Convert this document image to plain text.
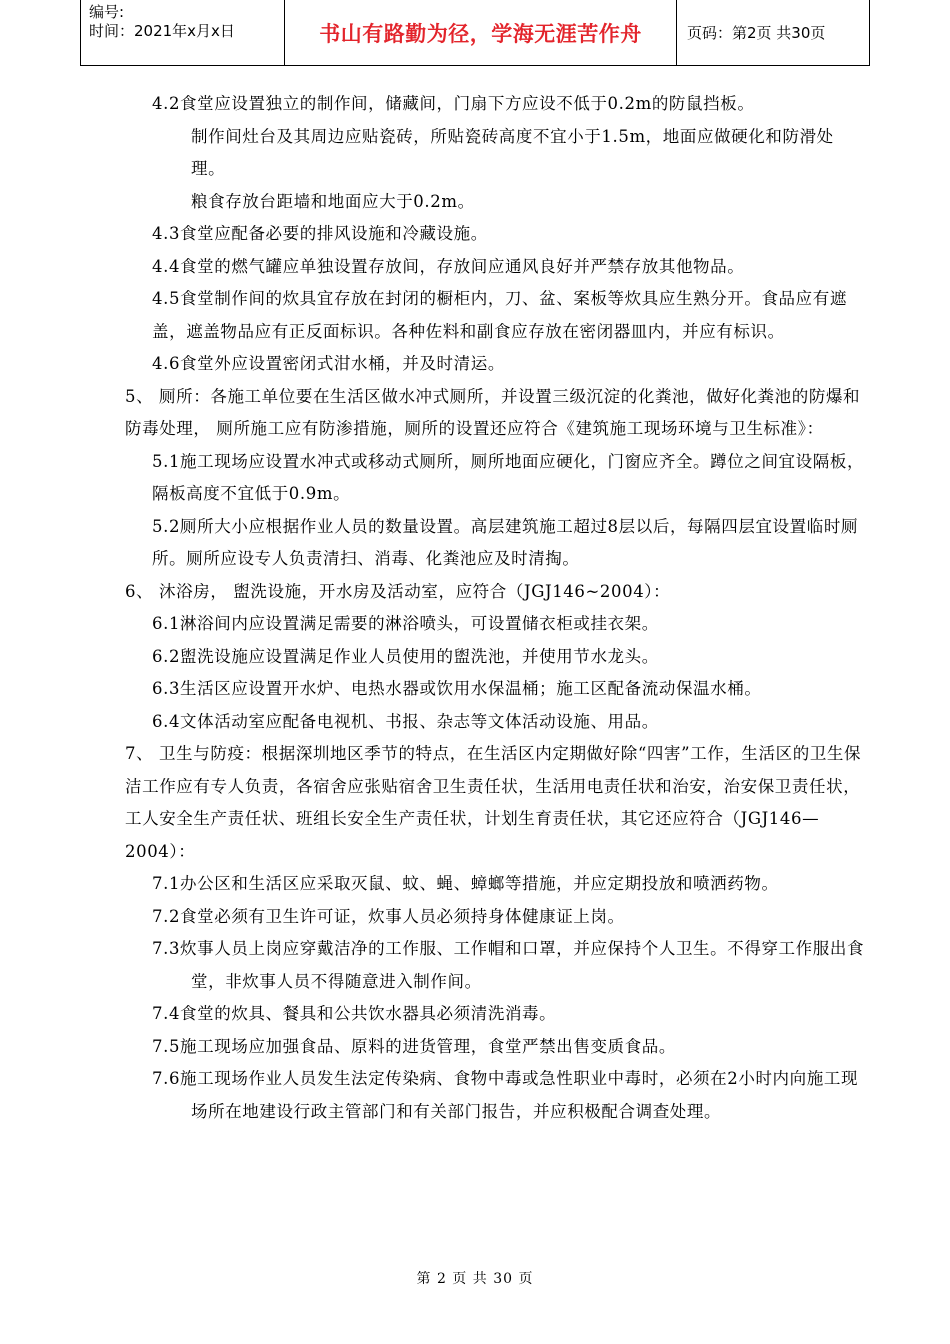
编号:
时间：2021年x月x日	书山有路勤为径，学海无涯苦作舟	页码：第2页 共30页

4.2食堂应设置独立的制作间，储藏间，门扇下方应设不低于0.2m的防鼠挡板。

制作间灶台及其周边应贴瓷砖，所贴瓷砖高度不宜小于1.5m，地面应做硬化和防滑处理。

粮食存放台距墙和地面应大于0.2m。

4.3食堂应配备必要的排风设施和冷藏设施。

4.4食堂的燃气罐应单独设置存放间，存放间应通风良好并严禁存放其他物品。

4.5食堂制作间的炊具宜存放在封闭的橱柜内，刀、盆、案板等炊具应生熟分开。食品应有遮盖，遮盖物品应有正反面标识。各种佐料和副食应存放在密闭器皿内，并应有标识。

4.6食堂外应设置密闭式泔水桶，并及时清运。

5、 厕所：各施工单位要在生活区做水冲式厕所，并设置三级沉淀的化粪池，做好化粪池的防爆和防毒处理， 厕所施工应有防渗措施，厕所的设置还应符合《建筑施工现场环境与卫生标准》：

5.1施工现场应设置水冲式或移动式厕所，厕所地面应硬化，门窗应齐全。蹲位之间宜设隔板，隔板高度不宜低于0.9m。

5.2厕所大小应根据作业人员的数量设置。高层建筑施工超过8层以后，每隔四层宜设置临时厕所。厕所应设专人负责清扫、消毒、化粪池应及时清掏。

6、 沐浴房， 盥洗设施，开水房及活动室，应符合（JGJ146~2004）：

6.1淋浴间内应设置满足需要的淋浴喷头，可设置储衣柜或挂衣架。

6.2盥洗设施应设置满足作业人员使用的盥洗池，并使用节水龙头。

6.3生活区应设置开水炉、电热水器或饮用水保温桶；施工区配备流动保温水桶。

6.4文体活动室应配备电视机、书报、杂志等文体活动设施、用品。

7、 卫生与防疫：根据深圳地区季节的特点，在生活区内定期做好除“四害”工作，生活区的卫生保洁工作应有专人负责，各宿舍应张贴宿舍卫生责任状，生活用电责任状和治安，治安保卫责任状，工人安全生产责任状、班组长安全生产责任状，计划生育责任状，其它还应符合（JGJ146—2004）：

7.1办公区和生活区应采取灭鼠、蚊、蝇、蟑螂等措施，并应定期投放和喷洒药物。

7.2食堂必须有卫生许可证，炊事人员必须持身体健康证上岗。

7.3炊事人员上岗应穿戴洁净的工作服、工作帽和口罩，并应保持个人卫生。不得穿工作服出食堂，非炊事人员不得随意进入制作间。

7.4食堂的炊具、餐具和公共饮水器具必须清洗消毒。

7.5施工现场应加强食品、原料的进货管理，食堂严禁出售变质食品。

7.6施工现场作业人员发生法定传染病、食物中毒或急性职业中毒时，必须在2小时内向施工现场所在地建设行政主管部门和有关部门报告，并应积极配合调查处理。

第 2 页 共 30 页
